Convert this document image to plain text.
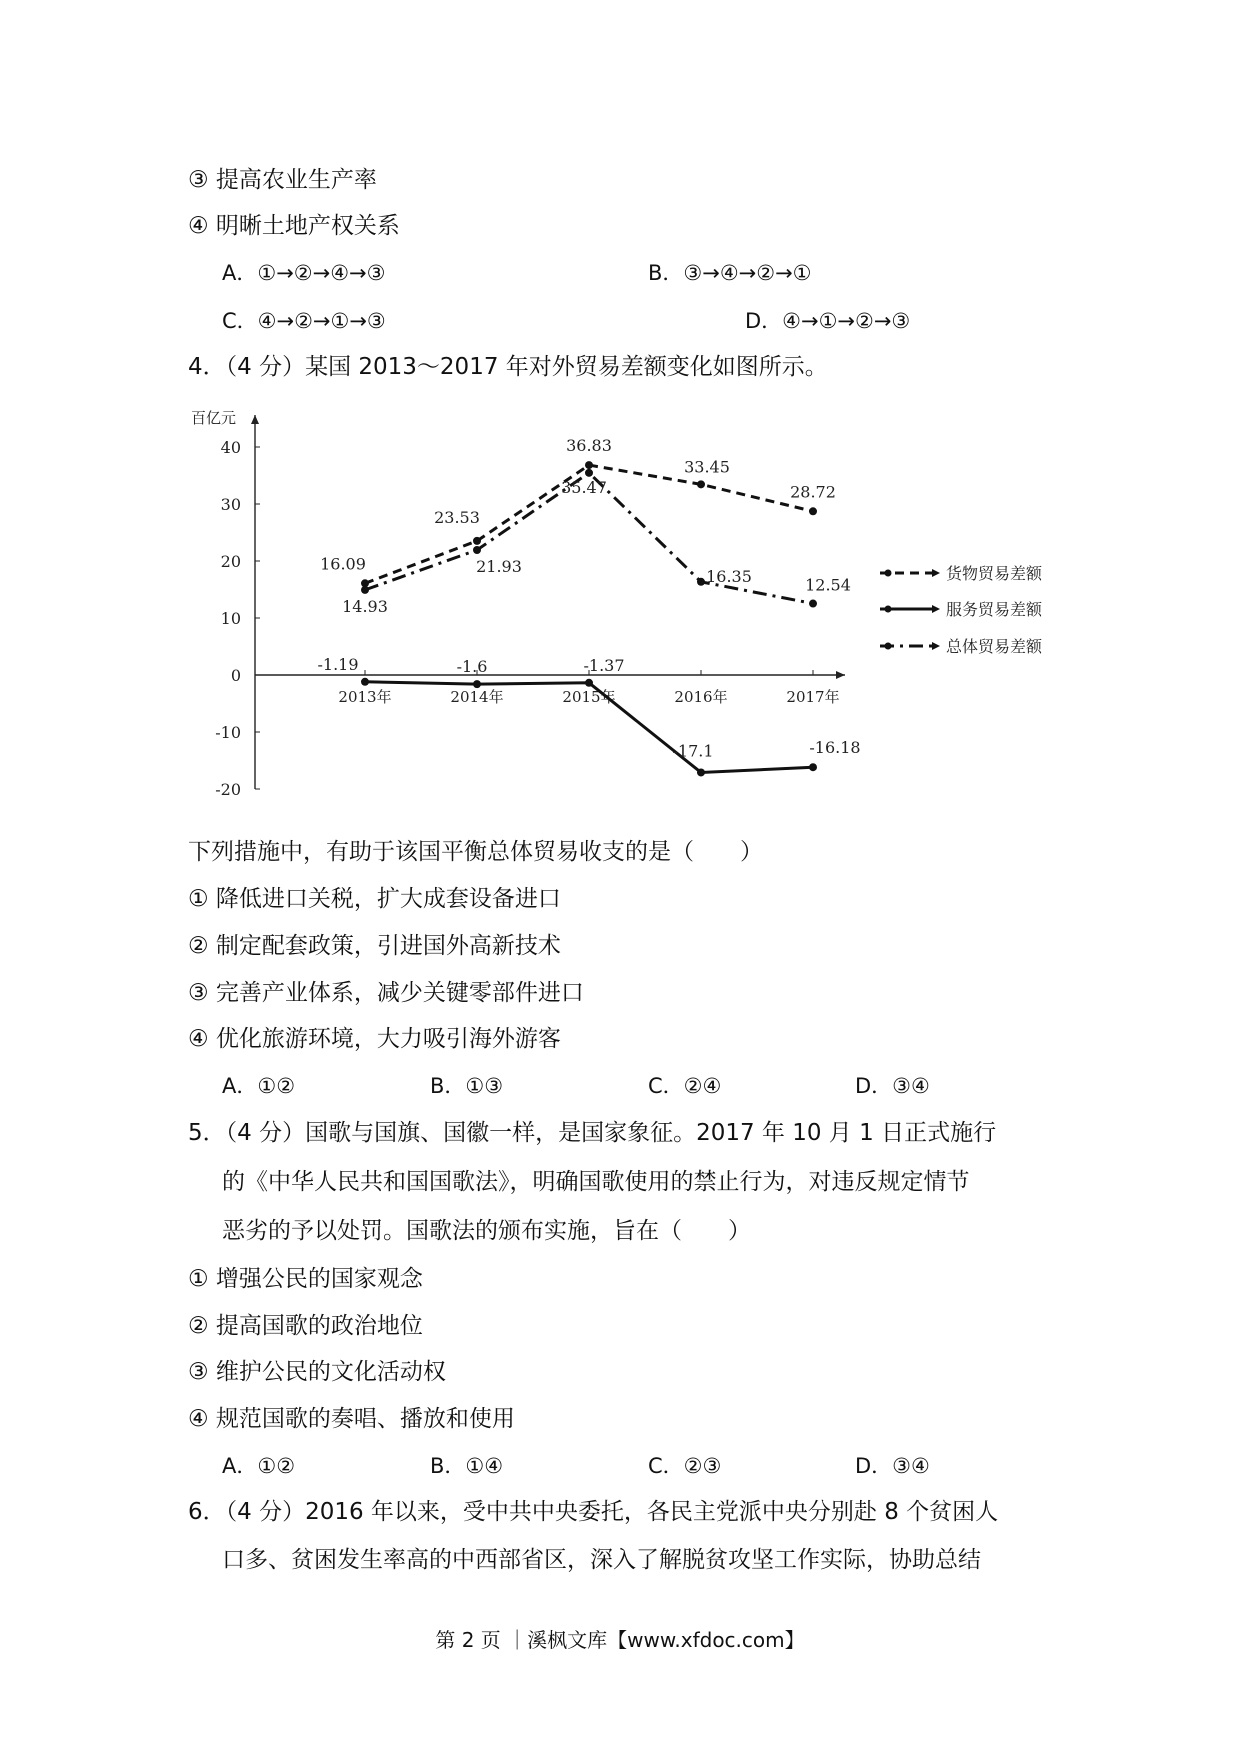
③ 提高农业生产率
④ 明晰土地产权关系
A．①→②→④→③	B．③→④→②→①
C．④→②→①→③	D．④→①→②→③
4．（4 分）某国 2013～2017 年对外贸易差额变化如图所示。
百亿元
40
30
20
10
0
-10
-20
2013年	2014年	2015年	2016年	2017年
16.09
23.53
36.83
33.45
28.72
-1.19	-1.6	-1.37
-17.1	-16.18
14.93
21.93
35.47
16.35	12.54
货物贸易差额
服务贸易差额
总体贸易差额
下列措施中，有助于该国平衡总体贸易收支的是（　　）
① 降低进口关税，扩大成套设备进口
② 制定配套政策，引进国外高新技术
③ 完善产业体系，减少关键零部件进口
④ 优化旅游环境，大力吸引海外游客
A．①②	B．①③	C．②④	D．③④
5．（4 分）国歌与国旗、国徽一样，是国家象征。2017 年 10 月 1 日正式施行
的《中华人民共和国国歌法》，明确国歌使用的禁止行为，对违反规定情节
恶劣的予以处罚。国歌法的颁布实施，旨在（　　）
① 增强公民的国家观念
② 提高国歌的政治地位
③ 维护公民的文化活动权
④ 规范国歌的奏唱、播放和使用
A．①②	B．①④	C．②③	D．③④
6．（4 分）2016 年以来，受中共中央委托，各民主党派中央分别赴 8 个贫困人
口多、贫困发生率高的中西部省区，深入了解脱贫攻坚工作实际，协助总结
第 2 页 ｜溪枫文库【www.xfdoc.com】
